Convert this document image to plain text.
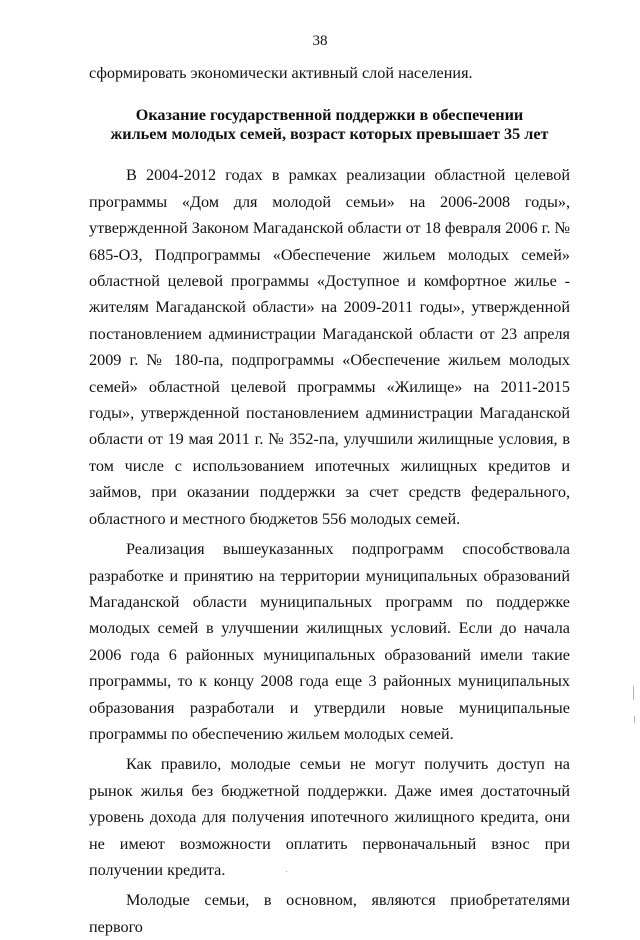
38

сформировать экономически активный слой населения.

Оказание государственной поддержки в обеспечении жильем молодых семей, возраст которых превышает 35 лет

В 2004-2012 годах в рамках реализации областной целевой программы «Дом для молодой семьи» на 2006-2008 годы», утвержденной Законом Магаданской области от 18 февраля 2006 г. № 685-ОЗ, Подпрограммы «Обеспечение жильем молодых семей» областной целевой программы «Доступное и комфортное жилье - жителям Магаданской области» на 2009-2011 годы», утвержденной постановлением администрации Магаданской области от 23 апреля 2009 г. № 180-па, подпрограммы «Обеспечение жильем молодых семей» областной целевой программы «Жилище» на 2011-2015 годы», утвержденной постановлением администрации Магаданской области от 19 мая 2011 г. № 352-па, улучшили жилищные условия, в том числе с использованием ипотечных жилищных кредитов и займов, при оказании поддержки за счет средств федерального, областного и местного бюджетов 556 молодых семей.

Реализация вышеуказанных подпрограмм способствовала разработке и принятию на территории муниципальных образований Магаданской области муниципальных программ по поддержке молодых семей в улучшении жилищных условий. Если до начала 2006 года 6 районных муниципальных образований имели такие программы, то к концу 2008 года еще 3 районных муниципальных образования разработали и утвердили новые муниципальные программы по обеспечению жильем молодых семей.

Как правило, молодые семьи не могут получить доступ на рынок жилья без бюджетной поддержки. Даже имея достаточный уровень дохода для получения ипотечного жилищного кредита, они не имеют возможности оплатить первоначальный взнос при получении кредита.

Молодые семьи, в основном, являются приобретателями первого
